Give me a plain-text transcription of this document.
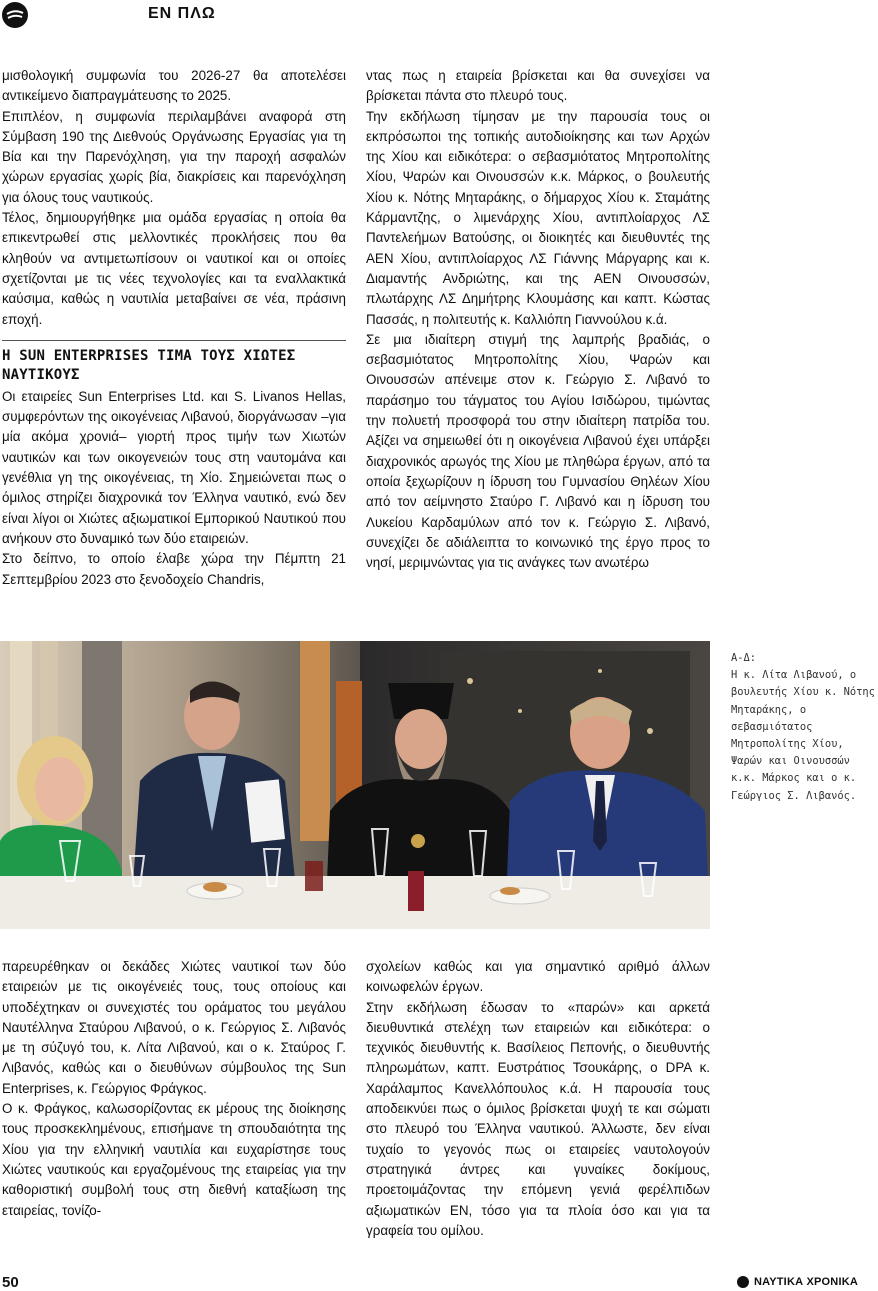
ΕΝ ΠΛΩ

μισθολογική συμφωνία του 2026-27 θα αποτελέσει αντικείμενο διαπραγμάτευσης το 2025.

Επιπλέον, η συμφωνία περιλαμβάνει αναφορά στη Σύμβαση 190 της Διεθνούς Οργάνωσης Εργασίας για τη Βία και την Παρενόχληση, για την παροχή ασφαλών χώρων εργασίας χωρίς βία, διακρίσεις και παρενόχληση για όλους τους ναυτικούς.

Τέλος, δημιουργήθηκε μια ομάδα εργασίας η οποία θα επικεντρωθεί στις μελλοντικές προκλήσεις που θα κληθούν να αντιμετωπίσουν οι ναυτικοί και οι οποίες σχετίζονται με τις νέες τεχνολογίες και τα εναλλακτικά καύσιμα, καθώς η ναυτιλία μεταβαίνει σε νέα, πράσινη εποχή.

Η SUN ENTERPRISES ΤΙΜΑ ΤΟΥΣ ΧΙΩΤΕΣ ΝΑΥΤΙΚΟΥΣ

Οι εταιρείες Sun Enterprises Ltd. και S. Livanos Hellas, συμφερόντων της οικογένειας Λιβανού, διοργάνωσαν –για μία ακόμα χρονιά– γιορτή προς τιμήν των Χιωτών ναυτικών και των οικογενειών τους στη ναυτομάνα και γενέθλια γη της οικογένειας, τη Χίο. Σημειώνεται πως ο όμιλος στηρίζει διαχρονικά τον Έλληνα ναυτικό, ενώ δεν είναι λίγοι οι Χιώτες αξιωματικοί Εμπορικού Ναυτικού που ανήκουν στο δυναμικό των δύο εταιρειών.

Στο δείπνο, το οποίο έλαβε χώρα την Πέμπτη 21 Σεπτεμβρίου 2023 στο ξενοδοχείο Chandris,

ντας πως η εταιρεία βρίσκεται και θα συνεχίσει να βρίσκεται πάντα στο πλευρό τους.

Την εκδήλωση τίμησαν με την παρουσία τους οι εκπρόσωποι της τοπικής αυτοδιοίκησης και των Αρχών της Χίου και ειδικότερα: ο σεβασμιότατος Μητροπολίτης Χίου, Ψαρών και Οινουσσών κ.κ. Μάρκος, ο βουλευτής Χίου κ. Νότης Μηταράκης, ο δήμαρχος Χίου κ. Σταμάτης Κάρμαντζης, ο λιμενάρχης Χίου, αντιπλοίαρχος ΛΣ Παντελεήμων Βατούσης, οι διοικητές και διευθυντές της ΑΕΝ Χίου, αντιπλοίαρχος ΛΣ Γιάννης Μάργαρης και κ. Διαμαντής Ανδριώτης, και της ΑΕΝ Οινουσσών, πλωτάρχης ΛΣ Δημήτρης Κλουμάσης και καπτ. Κώστας Πασσάς, η πολιτευτής κ. Καλλιόπη Γιαννούλου κ.ά.

Σε μια ιδιαίτερη στιγμή της λαμπρής βραδιάς, ο σεβασμιότατος Μητροπολίτης Χίου, Ψαρών και Οινουσσών απένειμε στον κ. Γεώργιο Σ. Λιβανό το παράσημο του τάγματος του Αγίου Ισιδώρου, τιμώντας την πολυετή προσφορά του στην ιδιαίτερη πατρίδα του. Αξίζει να σημειωθεί ότι η οικογένεια Λιβανού έχει υπάρξει διαχρονικός αρωγός της Χίου με πληθώρα έργων, από τα οποία ξεχωρίζουν η ίδρυση του Γυμνασίου Θηλέων Χίου από τον αείμνηστο Σταύρο Γ. Λιβανό και η ίδρυση του Λυκείου Καρδαμύλων από τον κ. Γεώργιο Σ. Λιβανό, συνεχίζει δε αδιάλειπτα το κοινωνικό της έργο προς το νησί, μεριμνώντας για τις ανάγκες των ανωτέρω

Α-Δ:
Η κ. Λίτα Λιβανού, ο βουλευτής Χίου κ. Νότης Μηταράκης, ο σεβασμιότατος Μητροπολίτης Χίου, Ψαρών και Οινουσσών κ.κ. Μάρκος και ο κ. Γεώργιος Σ. Λιβανός.

παρευρέθηκαν οι δεκάδες Χιώτες ναυτικοί των δύο εταιρειών με τις οικογένειές τους, τους οποίους και υποδέχτηκαν οι συνεχιστές του οράματος του μεγάλου Ναυτέλληνα Σταύρου Λιβανού, ο κ. Γεώργιος Σ. Λιβανός με τη σύζυγό του, κ. Λίτα Λιβανού, και ο κ. Σταύρος Γ. Λιβανός, καθώς και ο διευθύνων σύμβουλος της Sun Enterprises, κ. Γεώργιος Φράγκος.

Ο κ. Φράγκος, καλωσορίζοντας εκ μέρους της διοίκησης τους προσκεκλημένους, επισήμανε τη σπουδαιότητα της Χίου για την ελληνική ναυτιλία και ευχαρίστησε τους Χιώτες ναυτικούς και εργαζομένους της εταιρείας για την καθοριστική συμβολή τους στη διεθνή καταξίωση της εταιρείας, τονίζο-

σχολείων καθώς και για σημαντικό αριθμό άλλων κοινωφελών έργων.

Στην εκδήλωση έδωσαν το «παρών» και αρκετά διευθυντικά στελέχη των εταιρειών και ειδικότερα: ο τεχνικός διευθυντής κ. Βασίλειος Πεπονής, ο διευθυντής πληρωμάτων, καπτ. Ευστράτιος Τσουκάρης, ο DPA κ. Χαράλαμπος Κανελλόπουλος κ.ά. Η παρουσία τους αποδεικνύει πως ο όμιλος βρίσκεται ψυχή τε και σώματι στο πλευρό του Έλληνα ναυτικού. Άλλωστε, δεν είναι τυχαίο το γεγονός πως οι εταιρείες ναυτολογούν στρατηγικά άντρες και γυναίκες δοκίμους, προετοιμάζοντας την επόμενη γενιά φερέλπιδων αξιωματικών ΕΝ, τόσο για τα πλοία όσο και για τα γραφεία του ομίλου.

50	ΝΑΥΤΙΚΑ ΧΡΟΝΙΚΑ
